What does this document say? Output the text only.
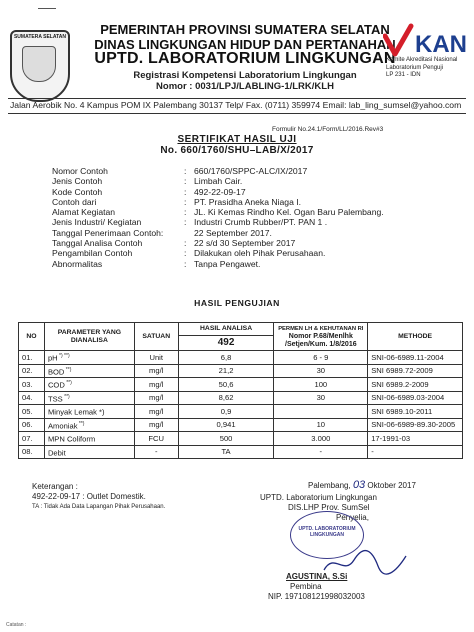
SUMATERA SELATAN	PEMERINTAH PROVINSI SUMATERA SELATAN
DINAS LINGKUNGAN HIDUP DAN PERTANAHAN
UPTD. LABORATORIUM LINGKUNGAN
Registrasi Kompetensi Laboratorium Lingkungan
Nomor : 0031/LPJ/LABLING-1/LRK/KLH
KAN
Komite Akreditasi Nasional
Laboratorium Penguji
LP 231 - IDN
Jalan Aerobik No. 4 Kampus POM IX Palembang 30137 Telp/ Fax. (0711) 359974 Email: lab_ling_sumsel@yahoo.com
Formulir No.24.1/Form/LL/2016.Rev#3
SERTIFIKAT HASIL UJI
No. 660/1760/SHU–LAB/X/2017
Nomor Contoh	: 660/1760/SPPC-ALC/IX/2017
Jenis Contoh	: Limbah Cair.
Kode Contoh	: 492-22-09-17
Contoh dari	: PT. Prasidha Aneka Niaga I.
Alamat Kegiatan	: JL. Ki Kemas Rindho Kel. Ogan Baru Palembang.
Jenis Industri/ Kegiatan	: Industri Crumb Rubber/PT. PAN 1 .
Tanggal Penerimaan Contoh:	22 September 2017.
Tanggal Analisa Contoh	: 22 s/d 30 September 2017
Pengambilan Contoh	: Dilakukan oleh Pihak Perusahaan.
Abnormalitas	: Tanpa Pengawet.
HASIL PENGUJIAN
NO	PARAMETER YANG DIANALISA	SATUAN	HASIL ANALISA	PERMEN LH & KEHUTANAN RI
Nomor P.68/Menlhk
/Setjen/Kum. 1/8/2016	METHODE
			492		
01.	pH *) **)	Unit	6,8	6 - 9	SNI-06-6989.11-2004
02.	BOD **)	mg/l	21,2	30	SNI 6989.72-2009
03.	COD **)	mg/l	50,6	100	SNI 6989.2-2009
04.	TSS **)	mg/l	8,62	30	SNI-06-6989.03-2004
05.	Minyak Lemak *)	mg/l	0,9		SNI 6989.10-2011
06.	Amoniak **)	mg/l	0,941	10	SNI-06-6989-89.30-2005
07.	MPN Coliform	FCU	500	3.000	17-1991-03
08.	Debit	-	TA	-	-
Keterangan :
492-22-09-17 : Outlet Domestik.
TA : Tidak Ada Data Lapangan Pihak Perusahaan.
Palembang, 03 Oktober 2017
UPTD. Laboratorium Lingkungan
DIS.LHP Prov. SumSel
Penyelia,
UPTD. LABORATORIUM LINGKUNGAN
AGUSTINA, S.Si
Pembina
NIP. 197108121998032003
Catatan :
